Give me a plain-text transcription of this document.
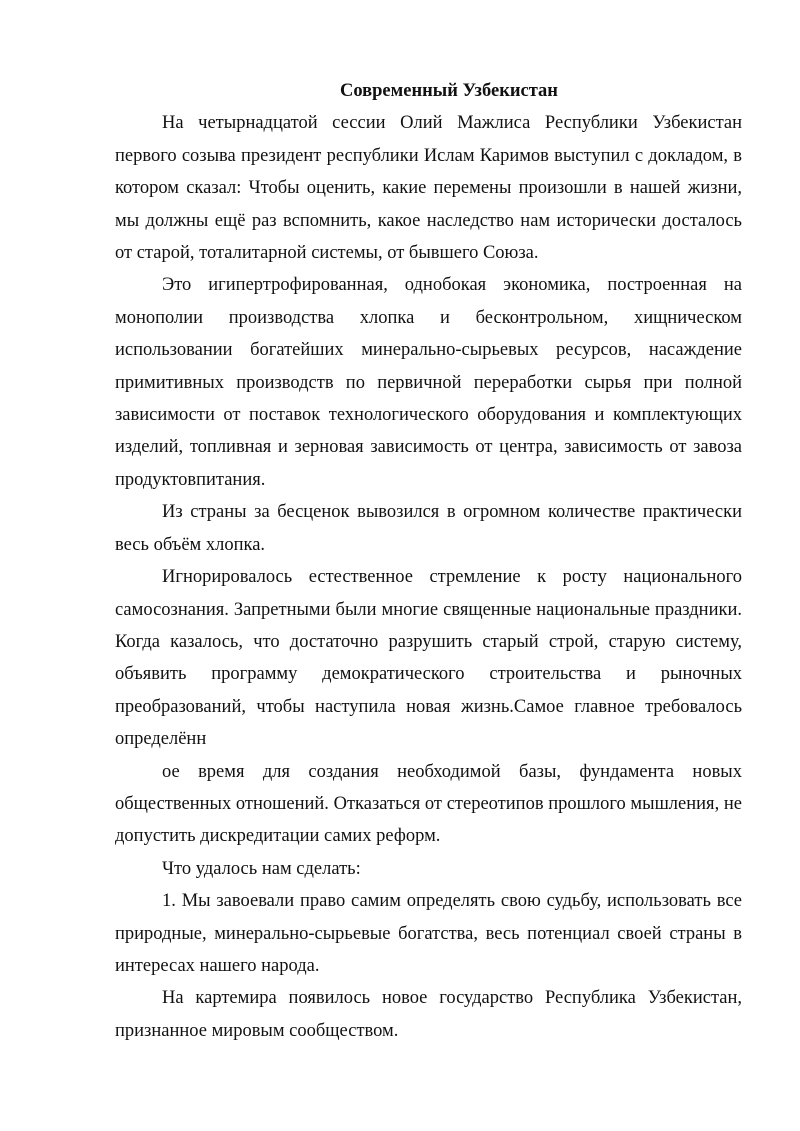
Современный Узбекистан

На четырнадцатой сессии Олий Мажлиса Республики Узбекистан первого созыва президент республики Ислам Каримов выступил с докладом, в котором сказал: Чтобы оценить, какие перемены произошли в нашей жизни, мы должны ещё раз вспомнить, какое наследство нам исторически досталось от старой, тоталитарной системы, от бывшего Союза.

Это игипертрофированная, однобокая экономика, построенная на монополии производства хлопка и бесконтрольном, хищническом использовании богатейших минерально-сырьевых ресурсов, насаждение примитивных производств по первичной переработки сырья при полной зависимости от поставок технологического оборудования и комплектующих изделий, топливная и зерновая зависимость от центра, зависимость от завоза продуктовпитания.

Из страны за бесценок вывозился в огромном количестве практически весь объём хлопка.

Игнорировалось естественное стремление к росту национального самосознания. Запретными были многие священные национальные праздники. Когда казалось, что достаточно разрушить старый строй, старую систему, объявить программу демократического строительства и рыночных преобразований, чтобы наступила новая жизнь.Самое главное требовалось определённ

ое время для создания необходимой базы, фундамента новых общественных отношений. Отказаться от стереотипов прошлого мышления, не допустить дискредитации самих реформ.

Что удалось нам сделать:

1. Мы завоевали право самим определять свою судьбу, использовать все природные, минерально-сырьевые богатства, весь потенциал своей страны в интересах нашего народа.

На картемира появилось новое государство Республика Узбекистан, признанное мировым сообществом.
